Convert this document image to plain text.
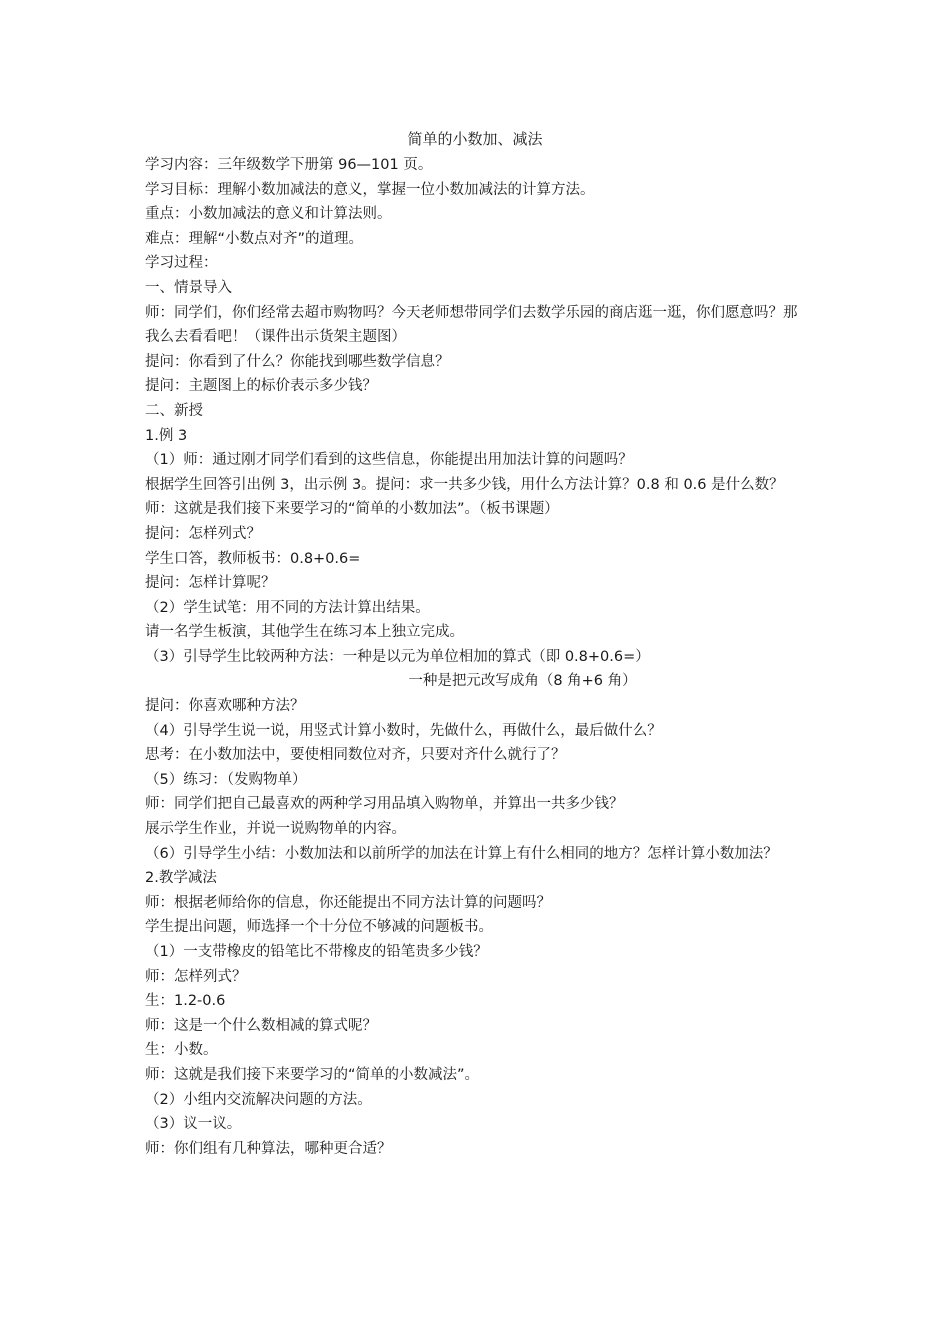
简单的小数加、减法

学习内容：三年级数学下册第 96—101 页。

学习目标：理解小数加减法的意义，掌握一位小数加减法的计算方法。

重点：小数加减法的意义和计算法则。

难点：理解“小数点对齐”的道理。

学习过程：

一、情景导入

师：同学们，你们经常去超市购物吗？今天老师想带同学们去数学乐园的商店逛一逛，你们愿意吗？那我么去看看吧！（课件出示货架主题图）

提问：你看到了什么？你能找到哪些数学信息？

提问：主题图上的标价表示多少钱？

二、新授

1.例 3

（1）师：通过刚才同学们看到的这些信息，你能提出用加法计算的问题吗？

根据学生回答引出例 3，出示例 3。提问：求一共多少钱，用什么方法计算？0.8 和 0.6 是什么数？

师：这就是我们接下来要学习的“简单的小数加法”。（板书课题）

提问：怎样列式？

学生口答，教师板书：0.8+0.6=

提问：怎样计算呢？

（2）学生试笔：用不同的方法计算出结果。

请一名学生板演，其他学生在练习本上独立完成。

（3）引导学生比较两种方法：一种是以元为单位相加的算式（即 0.8+0.6=）

一种是把元改写成角（8 角+6 角）

提问：你喜欢哪种方法？

（4）引导学生说一说，用竖式计算小数时，先做什么，再做什么，最后做什么？

思考：在小数加法中，要使相同数位对齐，只要对齐什么就行了？

（5）练习：（发购物单）

师：同学们把自己最喜欢的两种学习用品填入购物单，并算出一共多少钱？

展示学生作业，并说一说购物单的内容。

（6）引导学生小结：小数加法和以前所学的加法在计算上有什么相同的地方？怎样计算小数加法？

2.教学减法

师：根据老师给你的信息，你还能提出不同方法计算的问题吗？

学生提出问题，师选择一个十分位不够减的问题板书。

（1）一支带橡皮的铅笔比不带橡皮的铅笔贵多少钱？

师：怎样列式？

生：1.2-0.6

师：这是一个什么数相减的算式呢？

生：小数。

师：这就是我们接下来要学习的“简单的小数减法”。

（2）小组内交流解决问题的方法。

（3）议一议。

师：你们组有几种算法，哪种更合适？
